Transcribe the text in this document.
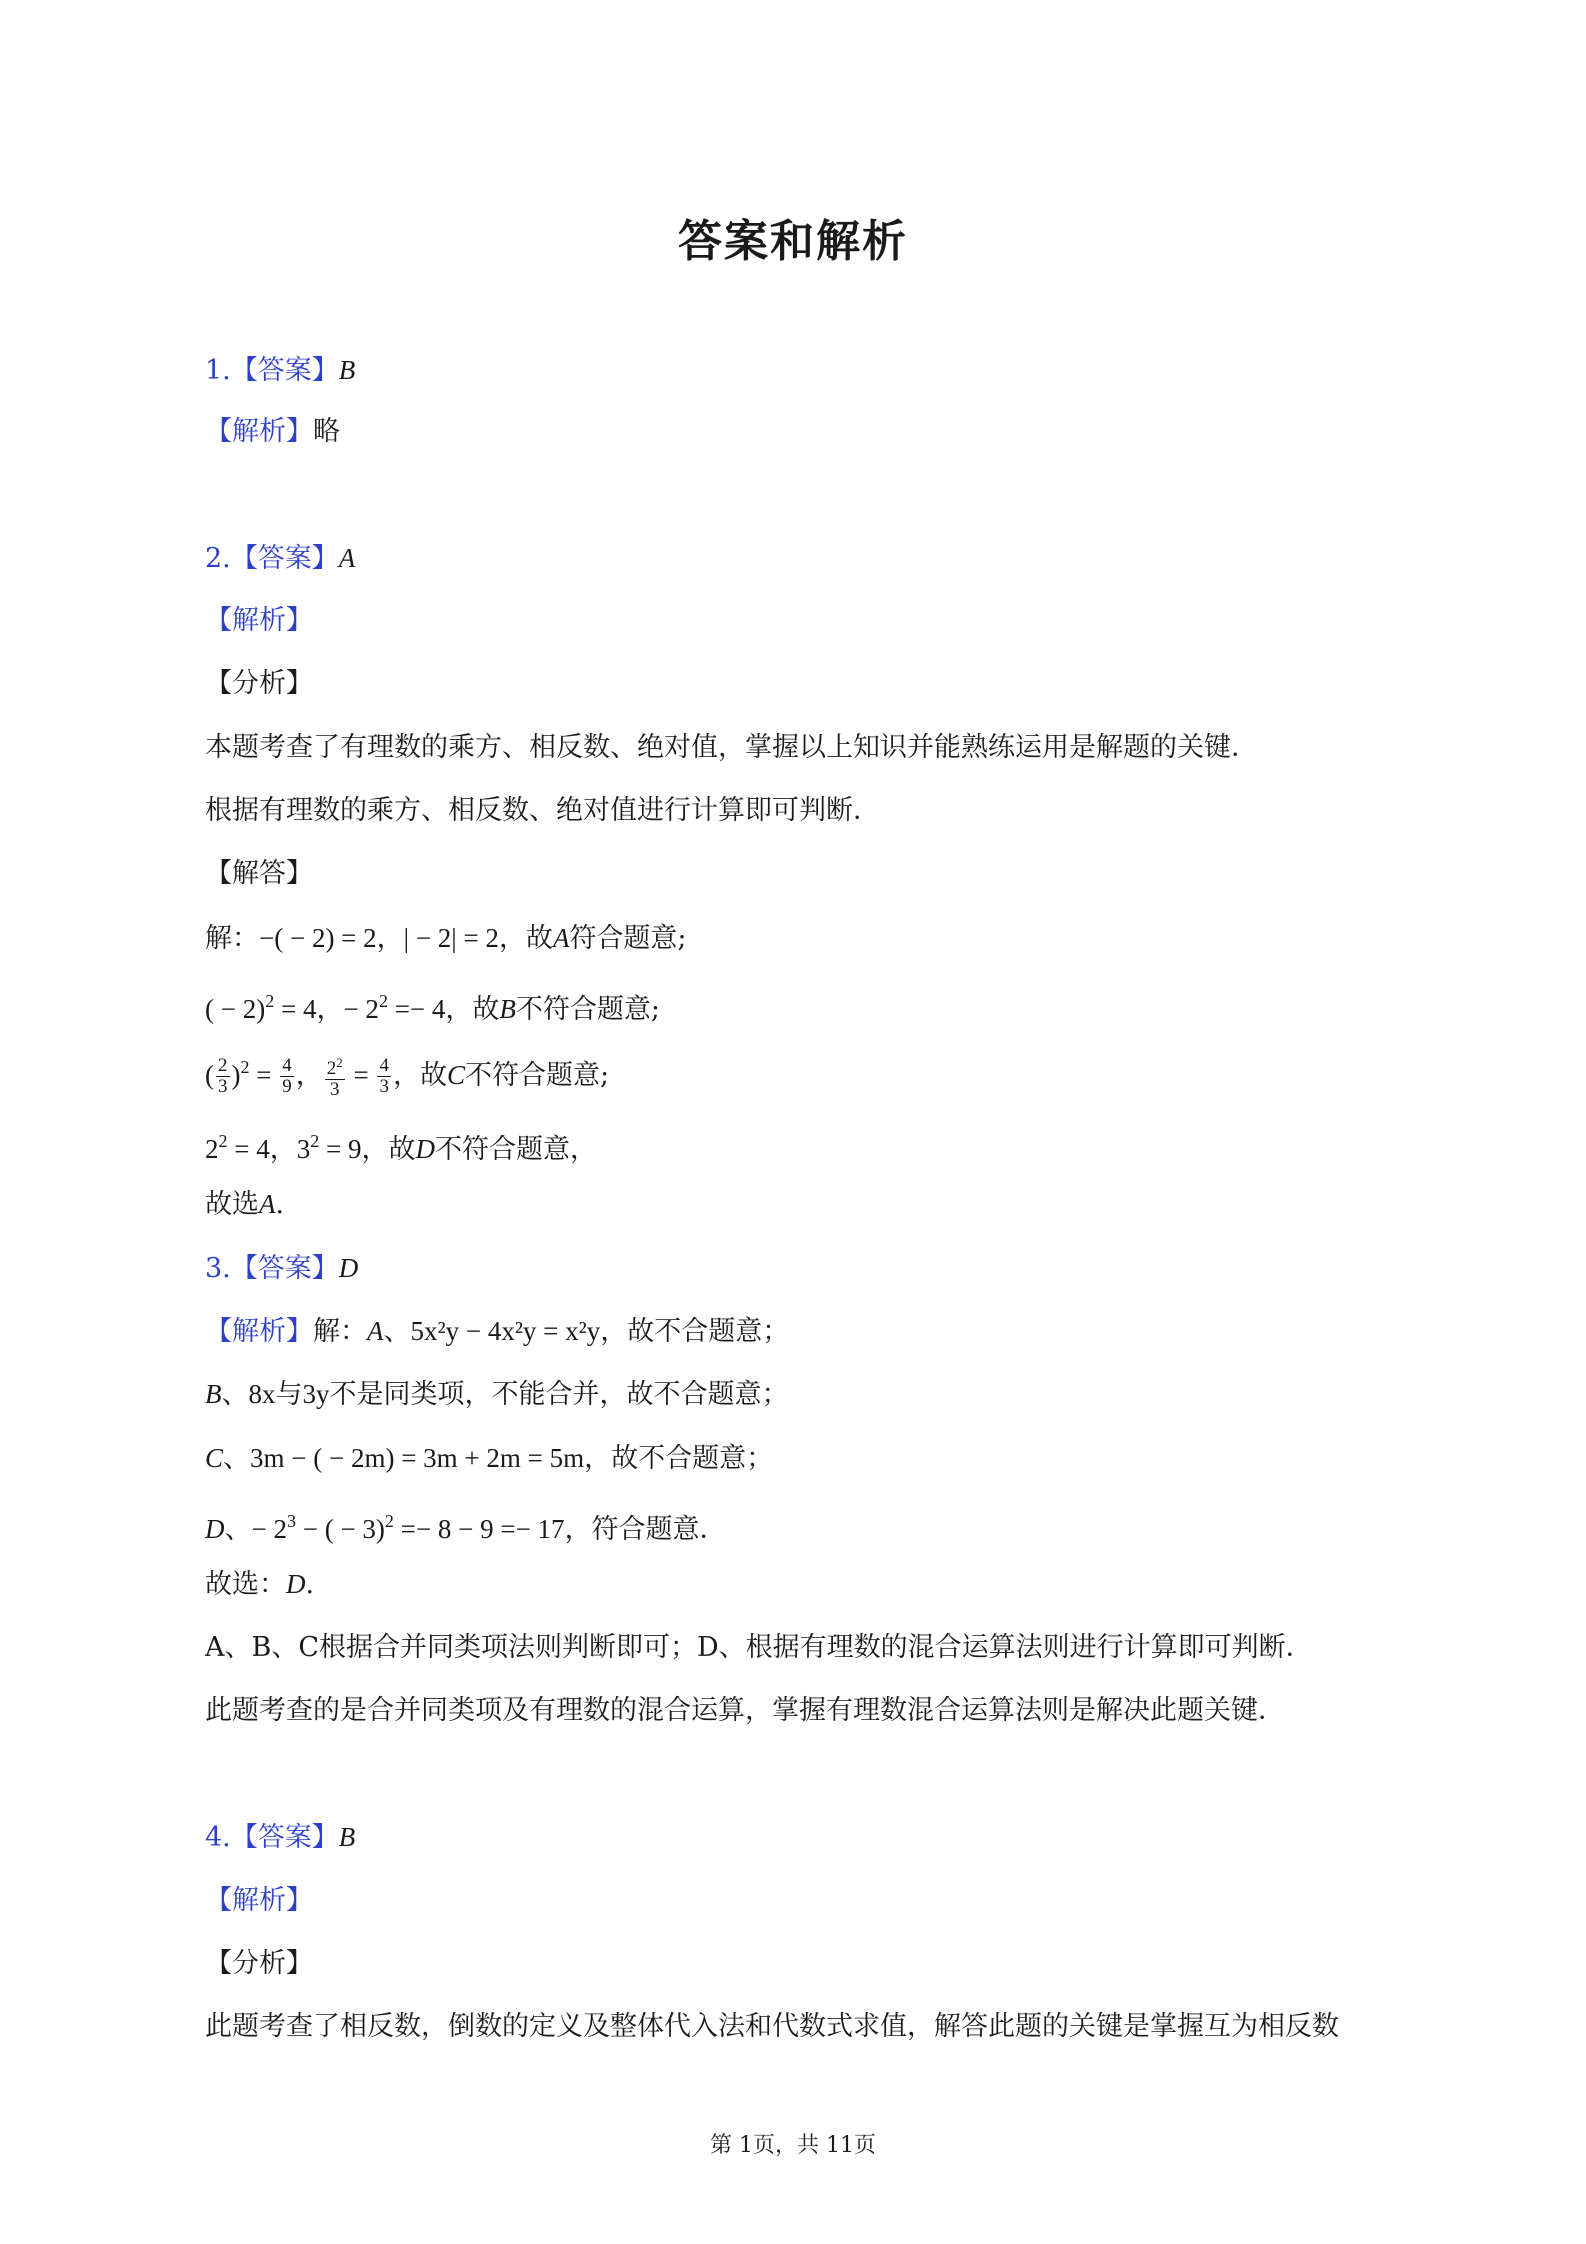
答案和解析
1.【答案】B
【解析】略
2.【答案】A
【解析】
【分析】
本题考查了有理数的乘方、相反数、绝对值，掌握以上知识并能熟练运用是解题的关键．
根据有理数的乘方、相反数、绝对值进行计算即可判断．
【解答】
解：−( − 2) = 2，| − 2| = 2，故A符合题意;
( − 2)$^2$ = 4，− $2^2 =- 4$，故B不符合题意;
( $\frac{2}{3} )^2 = \frac{4}{9}$ ， $\frac{2^2}{3} = \frac{4}{3}$ ，故C不符合题意;
$2^2 = 4$，$3^2 = 9$，故D不符合题意，
故选A.
3.【答案】D
【解析】解：A、5x²y − 4x²y = x²y，故不合题意；
B、8x与3y不是同类项，不能合并，故不合题意；
C、3m − ( − 2m) = 3m + 2m = 5m，故不合题意；
D、− $2^3$ − ( − 3)$^2$ =− 8 − 9 =− 17，符合题意．
故选：D.
A、B、C根据合并同类项法则判断即可；D、根据有理数的混合运算法则进行计算即可判断．
此题考查的是合并同类项及有理数的混合运算，掌握有理数混合运算法则是解决此题关键．
4.【答案】B
【解析】
【分析】
此题考查了相反数，倒数的定义及整体代入法和代数式求值，解答此题的关键是掌握互为相反数
第 1页，共 11页
